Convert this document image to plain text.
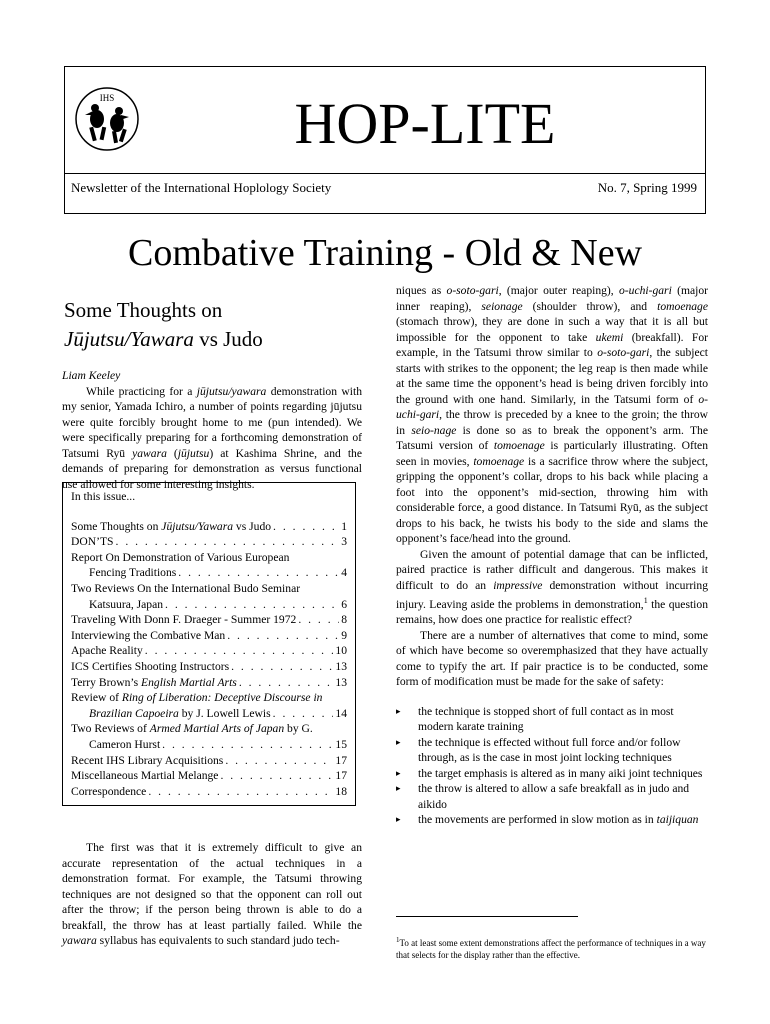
IHS	HOP-LITE
Newsletter of the International Hoplology Society	No. 7, Spring 1999
Combative Training - Old & New
Some Thoughts on
Jūjutsu/Yawara vs Judo

Liam Keeley

While practicing for a jūjutsu/yawara demonstration with my senior, Yamada Ichiro, a number of points regarding jūjutsu were quite forcibly brought home to me (pun intended). We were specifically preparing for a forthcoming demonstration of Tatsumi Ryū yawara (jūjutsu) at Kashima Shrine, and the demands of preparing for demonstration as versus functional use allowed for some interesting insights.

In this issue...
Some Thoughts on Jūjutsu/Yawara vs Judo . . .	1
DON’TS . . .	3
Report On Demonstration of Various European
Fencing Traditions . . .	4
Two Reviews On the International Budo Seminar
Katsuura, Japan . . .	6
Traveling With Donn F. Draeger - Summer 1972 . . .	8
Interviewing the Combative Man . . .	9
Apache Reality . . .	10
ICS Certifies Shooting Instructors . . .	13
Terry Brown’s English Martial Arts . . .	13
Review of Ring of Liberation: Deceptive Discourse in
Brazilian Capoeira by J. Lowell Lewis . . .	14
Two Reviews of Armed Martial Arts of Japan by G.
Cameron Hurst . . .	15
Recent IHS Library Acquisitions . . .	17
Miscellaneous Martial Melange . . .	17
Correspondence . . .	18

The first was that it is extremely difficult to give an accurate representation of the actual techniques in a demonstration format. For example, the Tatsumi throwing techniques are not designed so that the opponent can roll out after the throw; if the person being thrown is able to do a breakfall, the throw has at least partially failed. While the yawara syllabus has equivalents to such standard judo tech-

niques as o-soto-gari, (major outer reaping), o-uchi-gari (major inner reaping), seionage (shoulder throw), and tomoenage (stomach throw), they are done in such a way that it is all but impossible for the opponent to take ukemi (breakfall). For example, in the Tatsumi throw similar to o-soto-gari, the subject starts with strikes to the opponent; the leg reap is then made while at the same time the opponent’s head is being driven forcibly into the ground with one hand. Similarly, in the Tatsumi form of o-uchi-gari, the throw is preceded by a knee to the groin; the throw in seio-nage is done so as to break the opponent’s arm. The Tatsumi version of tomoenage is particularly illustrating. Often seen in movies, tomoenage is a sacrifice throw where the subject, gripping the opponent’s collar, drops to his back while placing a foot into the opponent’s mid-section, throwing him with considerable force, a good distance. In Tatsumi Ryū, as the subject drops to his back, he twists his body to the side and slams the opponent’s face/head into the ground.

Given the amount of potential damage that can be inflicted, paired practice is rather difficult and dangerous. This makes it difficult to do an impressive demonstration without incurring injury. Leaving aside the problems in demonstration,$^1$ the question remains, how does one practice for realistic effect?

There are a number of alternatives that come to mind, some of which have become so overemphasized that they have actually come to typify the art. If pair practice is to be conducted, some form of modification must be made for the sake of safety:

▸ the technique is stopped short of full contact as in most modern karate training
▸ the technique is effected without full force and/or follow through, as is the case in most joint locking techniques
▸ the target emphasis is altered as in many aiki joint techniques
▸ the throw is altered to allow a safe breakfall as in judo and aikido
▸ the movements are performed in slow motion as in taijiquan
$^1$To at least some extent demonstrations affect the performance of techniques in a way that selects for the display rather than the effective.
